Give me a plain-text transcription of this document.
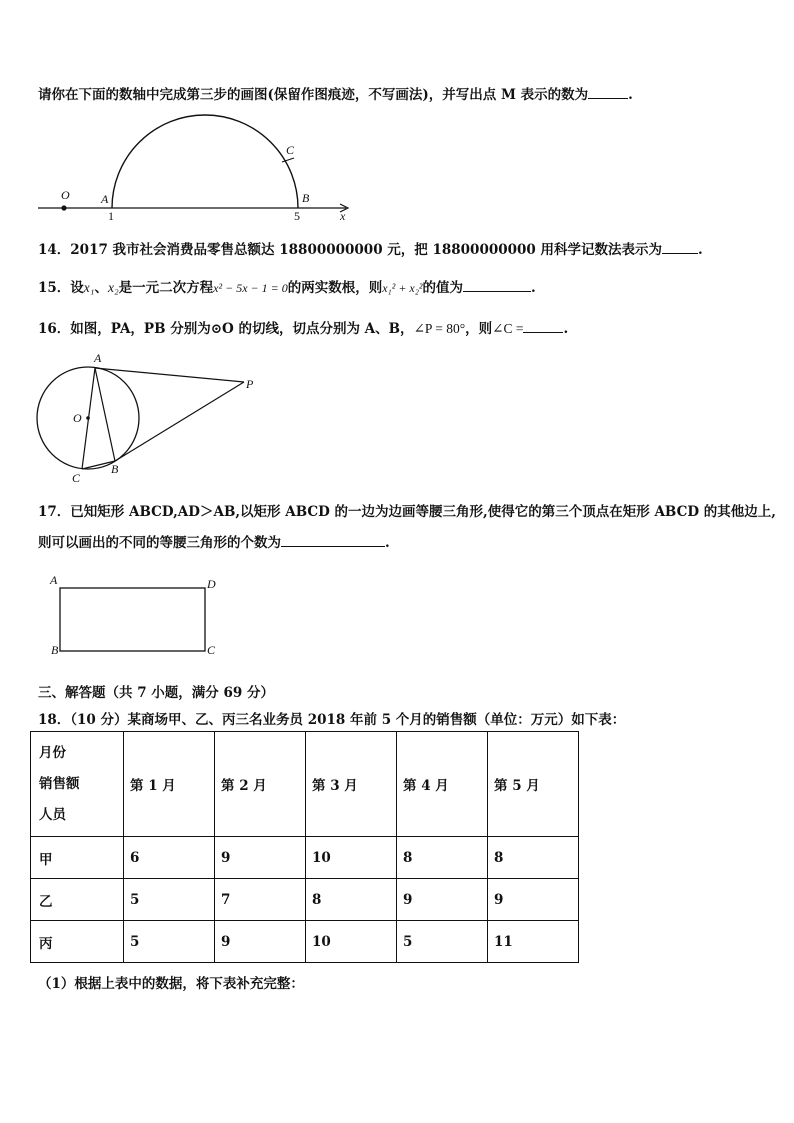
请你在下面的数轴中完成第三步的画图(保留作图痕迹，不写画法)，并写出点 M 表示的数为	.
O	A	B
C
x
1	5
14．2017 我市社会消费品零售总额达 18800000000 元，把 18800000000 用科学记数法表示为	.
15．设x₁、x₂是一元二次方程x² − 5x − 1 = 0的两实数根，则x₁² + x₂²的值为	.
16．如图，PA，PB 分别为⊙O 的切线，切点分别为 A、B，∠P = 80°，则∠C =	.
A
O
P
B
C
17．已知矩形 ABCD,AD＞AB,以矩形 ABCD 的一边为边画等腰三角形,使得它的第三个顶点在矩形 ABCD 的其他边上,
则可以画出的不同的等腰三角形的个数为	.
A	D
B	C
三、解答题（共 7 小题，满分 69 分）
18．（10 分）某商场甲、乙、丙三名业务员 2018 年前 5 个月的销售额（单位：万元）如下表：
月份
销售额
人员	第 1 月	第 2 月	第 3 月	第 4 月	第 5 月
甲	6	9	10	8	8
乙	5	7	8	9	9
丙	5	9	10	5	11
（1）根据上表中的数据，将下表补充完整：
